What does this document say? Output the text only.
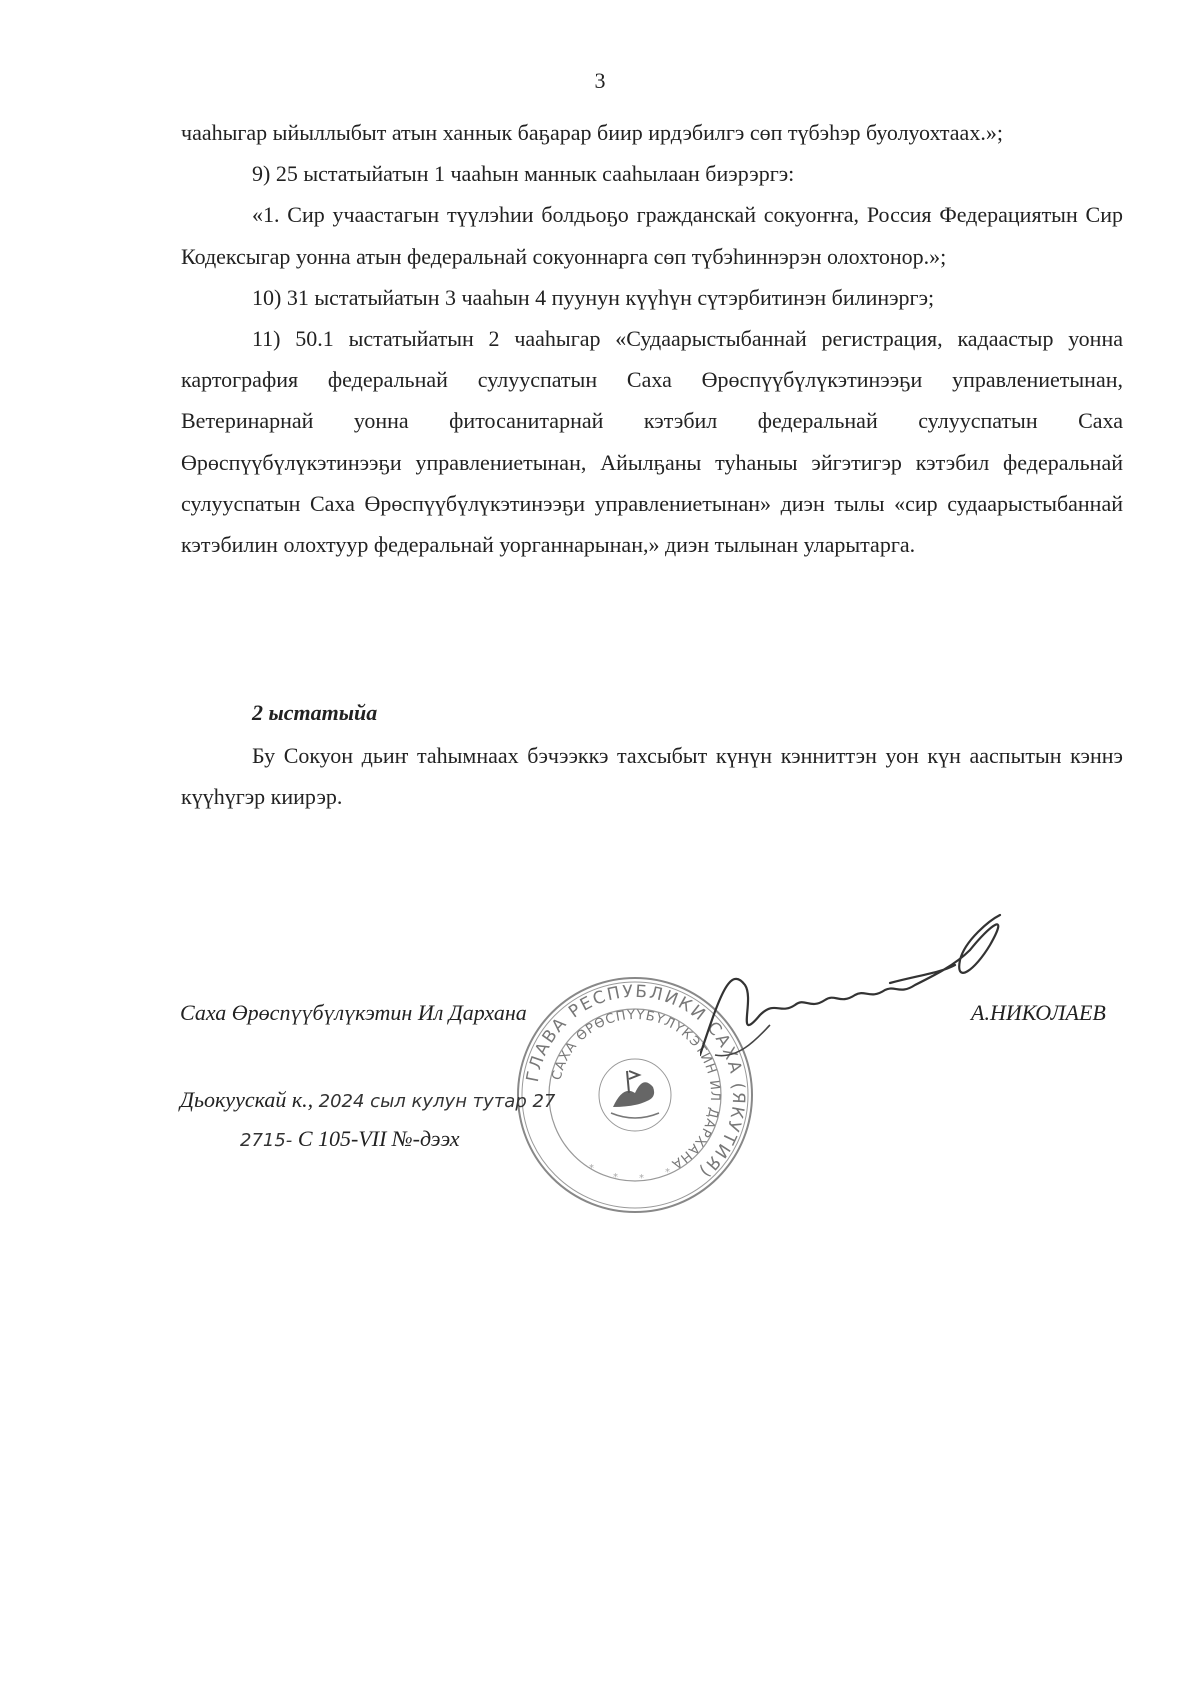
3

чааһыгар ыйыллыбыт атын ханнык баҕарар биир ирдэбилгэ сөп түбэһэр буолуохтаах.»;

9) 25 ыстатыйатын 1 чааһын маннык сааһылаан биэрэргэ:

«1. Сир учаастагын түүлэһии болдьоҕо гражданскай сокуоҥҥа, Россия Федерациятын Сир Кодексыгар уонна атын федеральнай сокуоннарга сөп түбэһиннэрэн олохтонор.»;

10) 31 ыстатыйатын 3 чааһын 4 пуунун күүһүн сүтэрбитинэн билинэргэ;

11) 50.1 ыстатыйатын 2 чааһыгар «Судаарыстыбаннай регистрация, кадаастыр уонна картография федеральнай сулууспатын Саха Өрөспүүбүлүкэтинээҕи управлениетынан, Ветеринарнай уонна фитосанитарнай кэтэбил федеральнай сулууспатын Саха Өрөспүүбүлүкэтинээҕи управлениетынан, Айылҕаны туһаныы эйгэтигэр кэтэбил федеральнай сулууспатын Саха Өрөспүүбүлүкэтинээҕи управлениетынан» диэн тылы «сир судаарыстыбаннай кэтэбилин олохтуур федеральнай уорганнарынан,» диэн тылынан уларытарга.

2 ыстатыйа

Бу Сокуон дьиҥ таһымнаах бэчээккэ тахсыбыт күнүн кэнниттэн уон күн ааспытын кэннэ күүһүгэр киирэр.

ГЛАВА РЕСПУБЛИКИ САХА (ЯКУТИЯ)
САХА ӨРӨСПҮҮБҮЛҮКЭТИН ИЛ ДАРХАНА
*
* *
*
Саха Өрөспүүбүлүкэтин Ил Дарханa	А.НИКОЛАЕВ
Дьокуускай к., 2024 сыл кулун тутар 27
2715- С 105-VII №-дээх
